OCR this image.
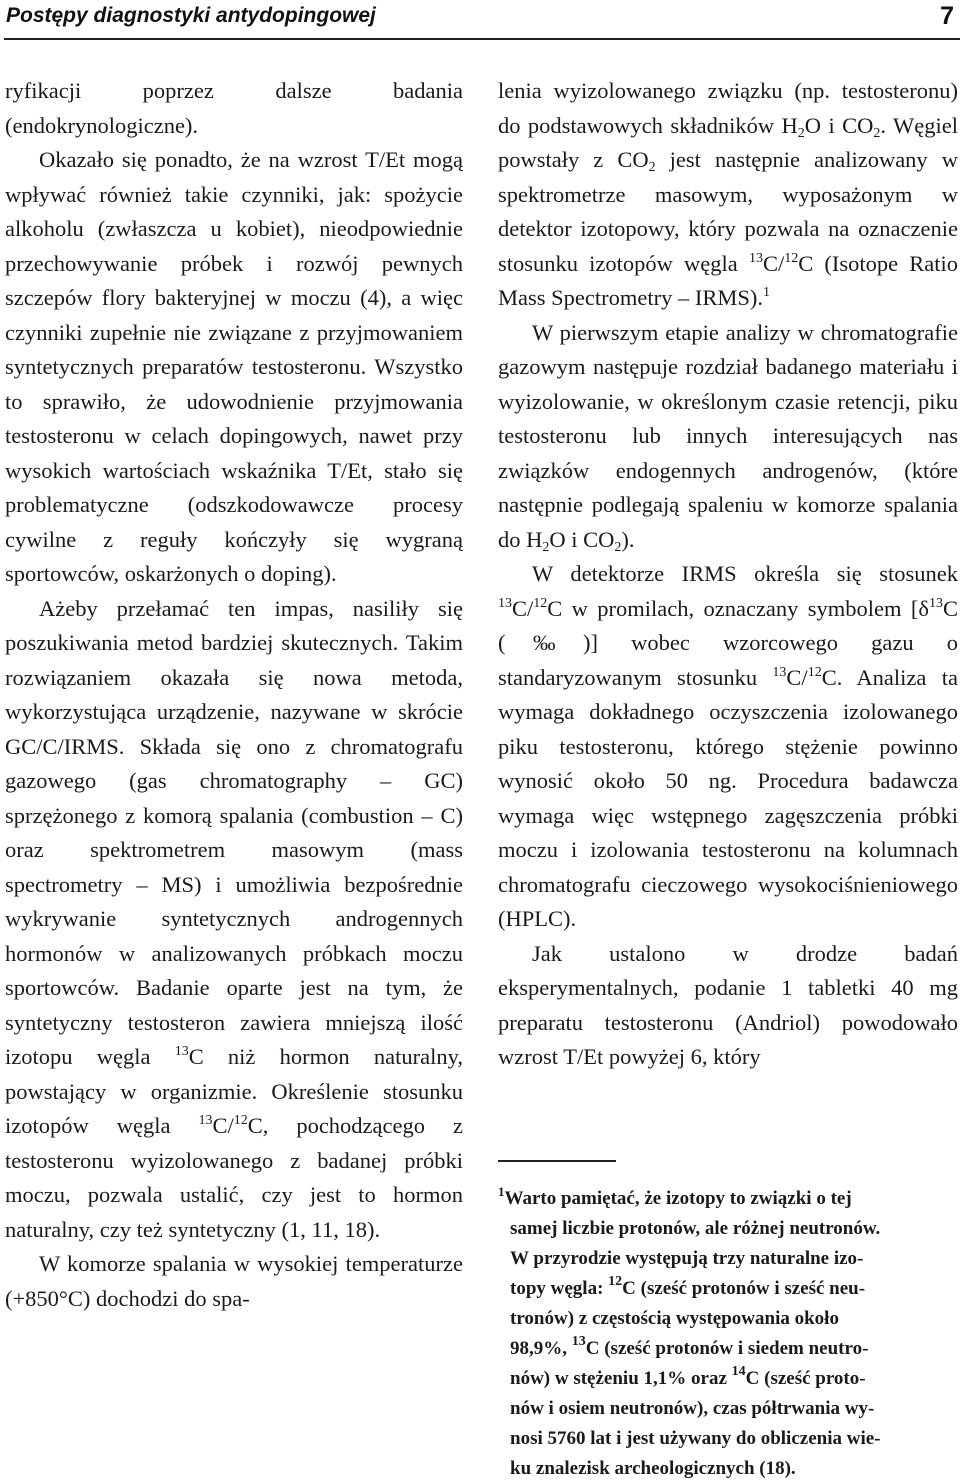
Postępy diagnostyki antydopingowej	7

ryfikacji poprzez dalsze badania (endokrynologiczne).

Okazało się ponadto, że na wzrost T/Et mogą wpływać również takie czynniki, jak: spożycie alkoholu (zwłaszcza u kobiet), nieodpowiednie przechowywanie próbek i rozwój pewnych szczepów flory bakteryjnej w moczu (4), a więc czynniki zupełnie nie związane z przyjmowaniem syntetycznych preparatów testosteronu. Wszystko to sprawiło, że udowodnienie przyjmowania testosteronu w celach dopingowych, nawet przy wysokich wartościach wskaźnika T/Et, stało się problematyczne (odszkodowawcze procesy cywilne z reguły kończyły się wygraną sportowców, oskarżonych o doping).

Ażeby przełamać ten impas, nasiliły się poszukiwania metod bardziej skutecznych. Takim rozwiązaniem okazała się nowa metoda, wykorzystująca urządzenie, nazywane w skrócie GC/C/IRMS. Składa się ono z chromatografu gazowego (gas chromatography – GC) sprzężonego z komorą spalania (combustion – C) oraz spektrometrem masowym (mass spectrometry – MS) i umożliwia bezpośrednie wykrywanie syntetycznych androgennych hormonów w analizowanych próbkach moczu sportowców. Badanie oparte jest na tym, że syntetyczny testosteron zawiera mniejszą ilość izotopu węgla $^{13}$C niż hormon naturalny, powstający w organizmie. Określenie stosunku izotopów węgla $^{13}$C/$^{12}$C, pochodzącego z testosteronu wyizolowanego z badanej próbki moczu, pozwala ustalić, czy jest to hormon naturalny, czy też syntetyczny (1, 11, 18).

W komorze spalania w wysokiej temperaturze (+850°C) dochodzi do spa-

lenia wyizolowanego związku (np. testosteronu) do podstawowych składników $H_2O$ i $CO_2$. Węgiel powstały z $CO_2$ jest następnie analizowany w spektrometrze masowym, wyposażonym w detektor izotopowy, który pozwala na oznaczenie stosunku izotopów węgla $^{13}$C/$^{12}$C (Isotope Ratio Mass Spectrometry – IRMS).$^1$

W pierwszym etapie analizy w chromatografie gazowym następuje rozdział badanego materiału i wyizolowanie, w określonym czasie retencji, piku testosteronu lub innych interesujących nas związków endogennych androgenów, (które następnie podlegają spaleniu w komorze spalania do $H_2O$ i $CO_2$).

W detektorze IRMS określa się stosunek $^{13}$C/$^{12}$C w promilach, oznaczany symbolem [$\delta^{13}C$ (‰)] wobec wzorcowego gazu o standaryzowanym stosunku $^{13}$C/$^{12}$C. Analiza ta wymaga dokładnego oczyszczenia izolowanego piku testosteronu, którego stężenie powinno wynosić około 50 ng. Procedura badawcza wymaga więc wstępnego zagęszczenia próbki moczu i izolowania testosteronu na kolumnach chromatografu cieczowego wysokociśnieniowego (HPLC).

Jak ustalono w drodze badań eksperymentalnych, podanie 1 tabletki 40 mg preparatu testosteronu (Andriol) powodowało wzrost T/Et powyżej 6, który

$^1$Warto pamiętać, że izotopy to związki o tej
samej liczbie protonów, ale różnej neutronów.
W przyrodzie występują trzy naturalne izo-
topy węgla: $^{12}$C (sześć protonów i sześć neu-
tronów) z częstością występowania około
98,9%, $^{13}$C (sześć protonów i siedem neutro-
nów) w stężeniu 1,1% oraz $^{14}$C (sześć proto-
nów i osiem neutronów), czas półtrwania wy-
nosi 5760 lat i jest używany do obliczenia wie-
ku znalezisk archeologicznych (18).
